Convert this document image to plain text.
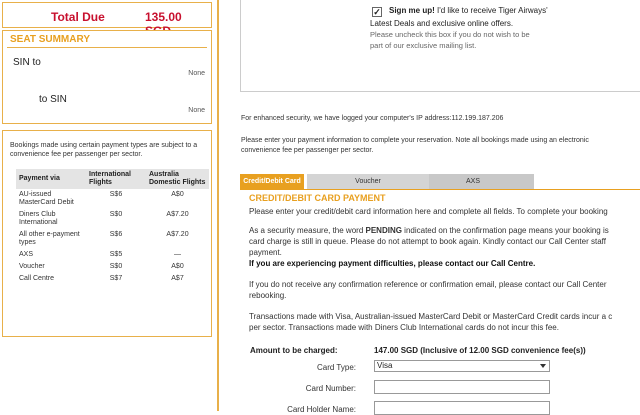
Total Due	135.00
SEAT SUMMARY
SIN to
None
to SIN
None
Bookings made using certain payment types are subject to a convenience fee per passenger per sector.
Payment via	International Flights	Australia Domestic Flights
AU-issued MasterCard Debit	S$6	A$0
Diners Club International	S$0	A$7.20
All other e-payment types	S$6	A$7.20
AXS	S$5	—
Voucher	S$0	A$0
Call Centre	S$7	A$7
✓ Sign me up! I'd like to receive Tiger Airways'
Latest Deals and exclusive online offers.
Please uncheck this box if you do not wish to be
part of our exclusive mailing list.
For enhanced security, we have logged your computer's IP address:112.199.187.206
Please enter your payment information to complete your reservation. Note all bookings made using an electronic
convenience fee per passenger per sector.
AXS
Voucher
Credit/Debit Card
CREDIT/DEBIT CARD PAYMENT
Please enter your credit/debit card information here and complete all fields. To complete your booking
As a security measure, the word PENDING indicated on the confirmation page means your booking is
card charge is still in queue. Please do not attempt to book again. Kindly contact our Call Center staff
payment.
If you are experiencing payment difficulties, please contact our Call Centre.
If you do not receive any confirmation reference or confirmation email, please contact our Call Center
rebooking.
Transactions made with Visa, Australian-issued MasterCard Debit or MasterCard Credit cards incur a c
per sector. Transactions made with Diners Club International cards do not incur this fee.
Amount to be charged:	147.00 SGD (Inclusive of 12.00 SGD convenience fee(s))
Card Type:	Visa
Card Number:
Card Holder Name:
